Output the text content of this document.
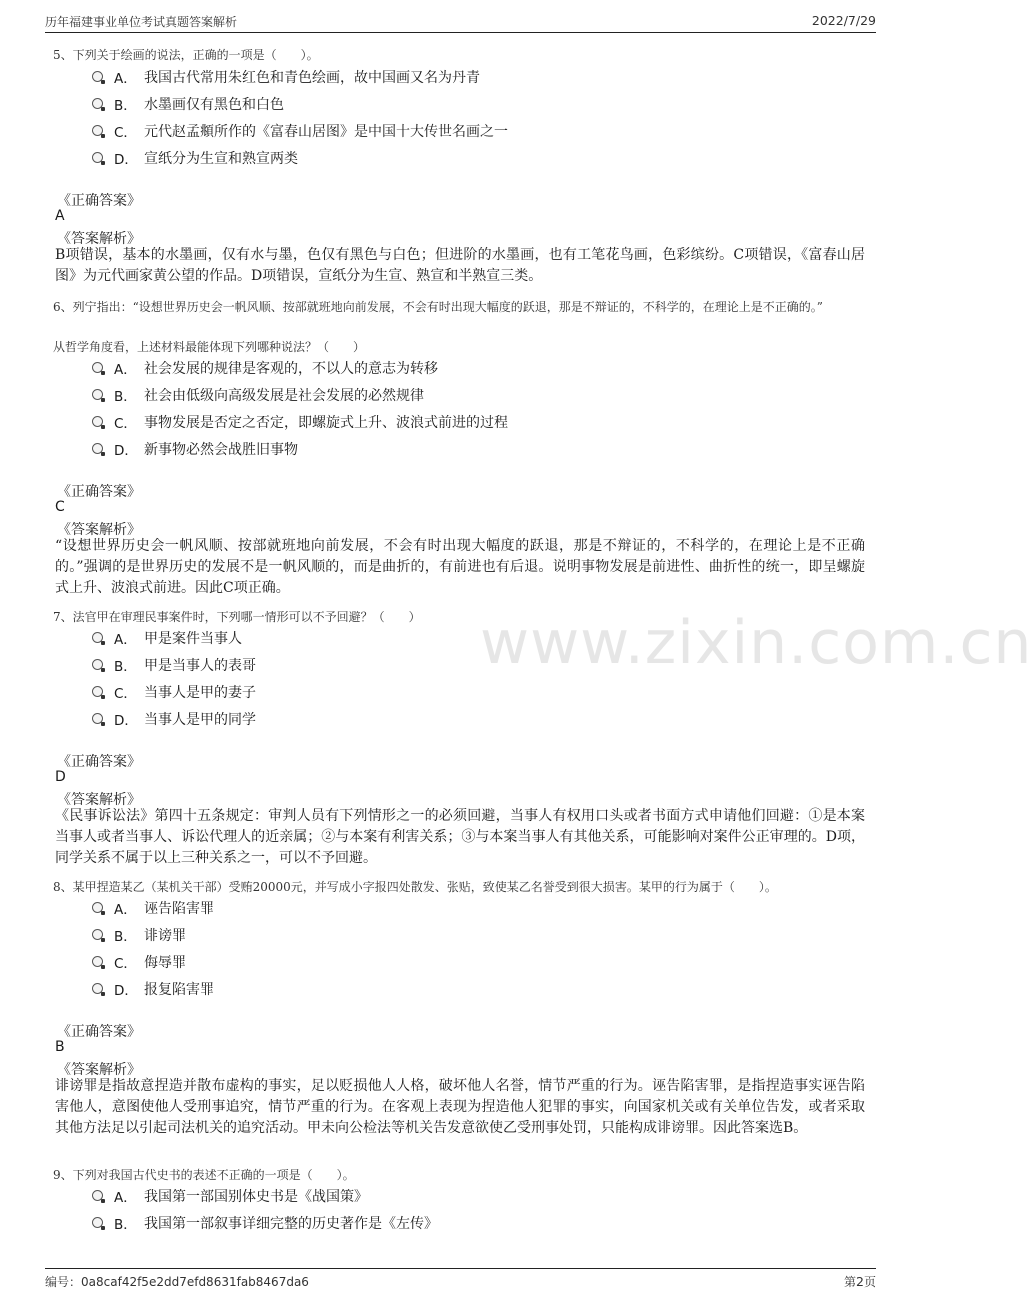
历年福建事业单位考试真题答案解析	2022/7/29
www.zixin.com.cn
5、下列关于绘画的说法，正确的一项是（　　）。
A． 我国古代常用朱红色和青色绘画，故中国画又名为丹青
B． 水墨画仅有黑色和白色
C． 元代赵孟頫所作的《富春山居图》是中国十大传世名画之一
D． 宣纸分为生宣和熟宣两类
《正确答案》
A
《答案解析》
B项错误，基本的水墨画，仅有水与墨，色仅有黑色与白色；但进阶的水墨画，也有工笔花鸟画，色彩缤纷。C项错误，《富春山居图》为元代画家黄公望的作品。D项错误，宣纸分为生宣、熟宣和半熟宣三类。
6、列宁指出：“设想世界历史会一帆风顺、按部就班地向前发展，不会有时出现大幅度的跃退，那是不辩证的，不科学的，在理论上是不正确的。”
从哲学角度看，上述材料最能体现下列哪种说法？（　　）
A． 社会发展的规律是客观的，不以人的意志为转移
B． 社会由低级向高级发展是社会发展的必然规律
C． 事物发展是否定之否定，即螺旋式上升、波浪式前进的过程
D． 新事物必然会战胜旧事物
《正确答案》
C
《答案解析》
“设想世界历史会一帆风顺、按部就班地向前发展，不会有时出现大幅度的跃退，那是不辩证的，不科学的，在理论上是不正确的。”强调的是世界历史的发展不是一帆风顺的，而是曲折的，有前进也有后退。说明事物发展是前进性、曲折性的统一，即呈螺旋式上升、波浪式前进。因此C项正确。
7、法官甲在审理民事案件时，下列哪一情形可以不予回避？（　　）
A． 甲是案件当事人
B． 甲是当事人的表哥
C． 当事人是甲的妻子
D． 当事人是甲的同学
《正确答案》
D
《答案解析》
《民事诉讼法》第四十五条规定：审判人员有下列情形之一的必须回避，当事人有权用口头或者书面方式申请他们回避：①是本案当事人或者当事人、诉讼代理人的近亲属；②与本案有利害关系；③与本案当事人有其他关系，可能影响对案件公正审理的。D项，同学关系不属于以上三种关系之一，可以不予回避。
8、某甲捏造某乙（某机关干部）受贿20000元，并写成小字报四处散发、张贴，致使某乙名誉受到很大损害。某甲的行为属于（　　）。
A． 诬告陷害罪
B． 诽谤罪
C． 侮辱罪
D． 报复陷害罪
《正确答案》
B
《答案解析》
诽谤罪是指故意捏造并散布虚构的事实，足以贬损他人人格，破坏他人名誉，情节严重的行为。诬告陷害罪，是指捏造事实诬告陷害他人，意图使他人受刑事追究，情节严重的行为。在客观上表现为捏造他人犯罪的事实，向国家机关或有关单位告发，或者采取其他方法足以引起司法机关的追究活动。甲未向公检法等机关告发意欲使乙受刑事处罚，只能构成诽谤罪。因此答案选B。
9、下列对我国古代史书的表述不正确的一项是（　　）。
A． 我国第一部国别体史书是《战国策》
B． 我国第一部叙事详细完整的历史著作是《左传》
编号：0a8caf42f5e2dd7efd8631fab8467da6	第2页
